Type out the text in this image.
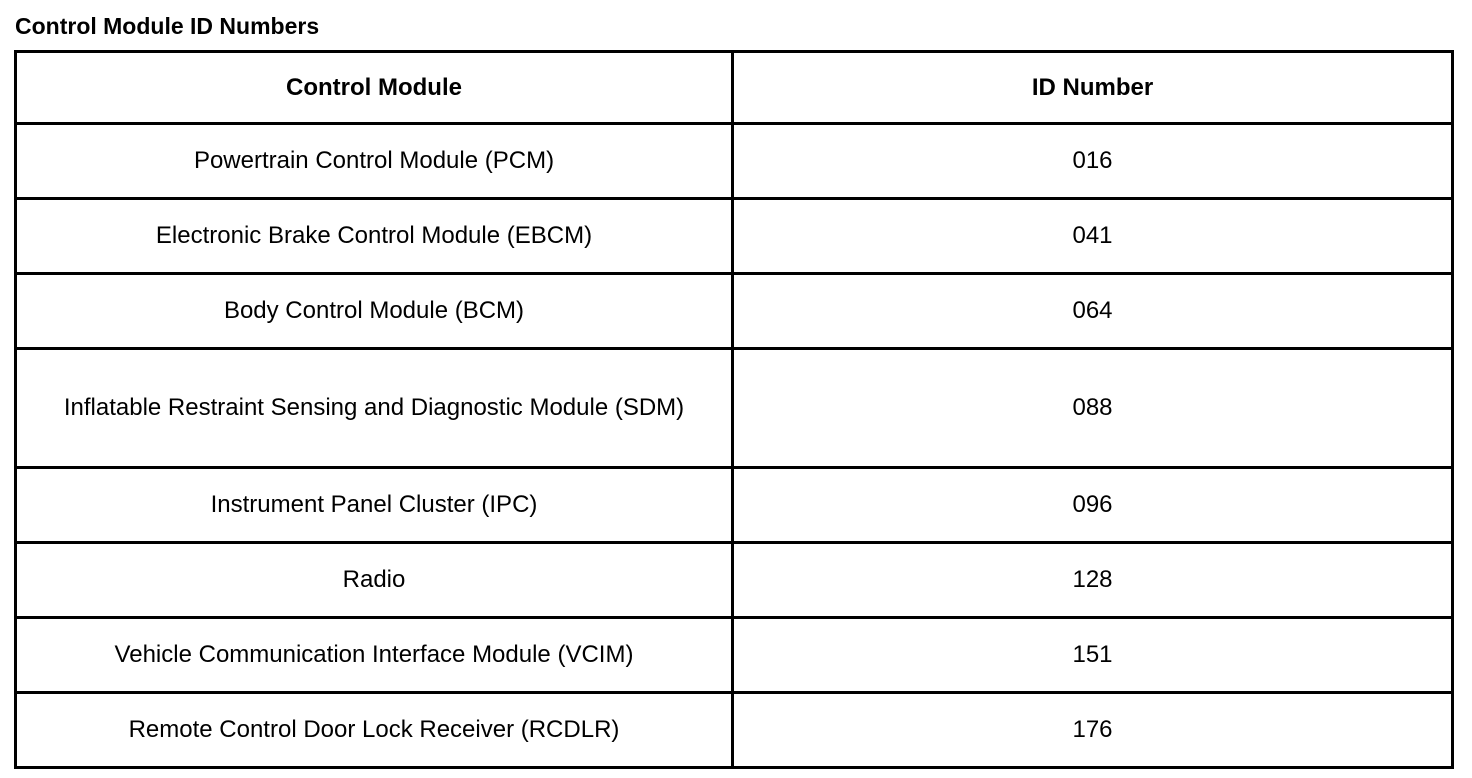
Control Module ID Numbers
Control Module	ID Number
Powertrain Control Module (PCM)	016
Electronic Brake Control Module (EBCM)	041
Body Control Module (BCM)	064
Inflatable Restraint Sensing and Diagnostic Module (SDM)	088
Instrument Panel Cluster (IPC)	096
Radio	128
Vehicle Communication Interface Module (VCIM)	151
Remote Control Door Lock Receiver (RCDLR)	176
